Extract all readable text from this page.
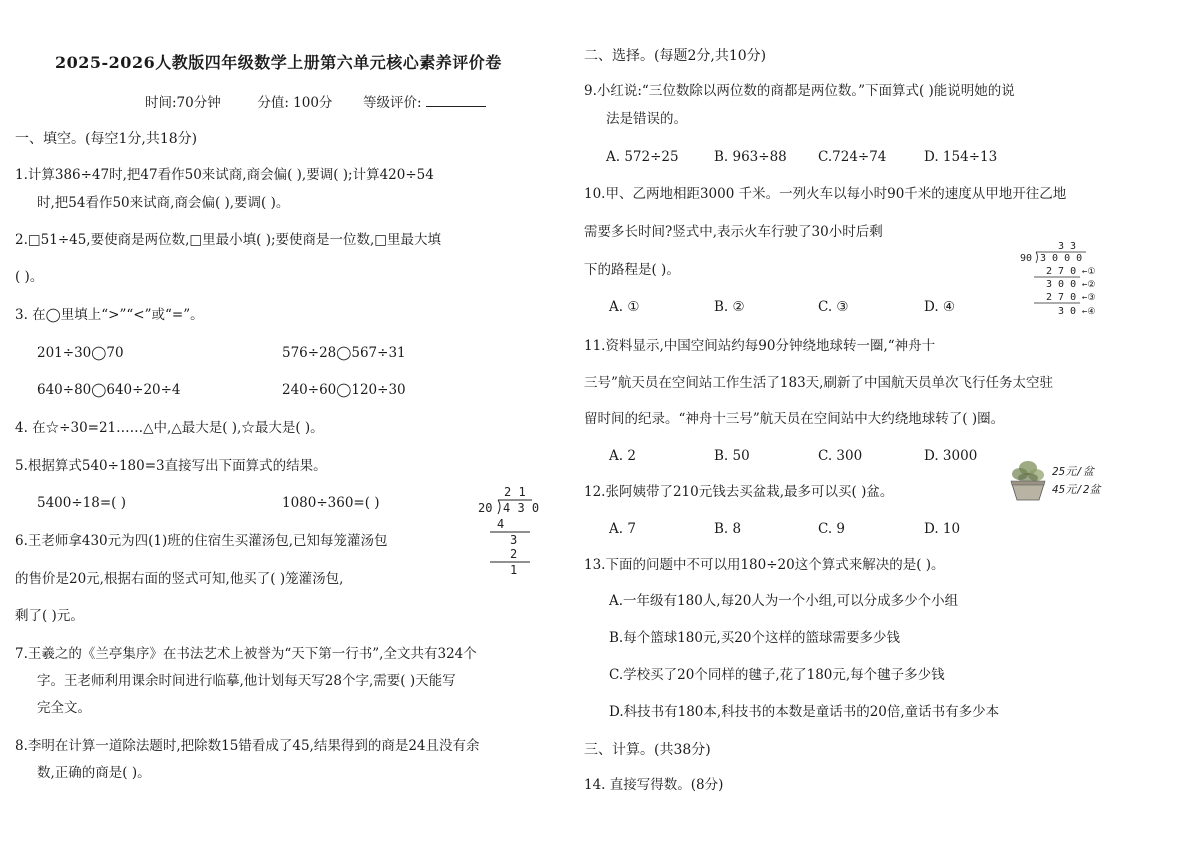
2025-2026人教版四年级数学上册第六单元核心素养评价卷
时间:70分钟	分值: 100分 等级评价:
一、填空。(每空1分,共18分)
1.计算386÷47时,把47看作50来试商,商会偏( ),要调( );计算420÷54
时,把54看作50来试商,商会偏( ),要调( )。
2.□51÷45,要使商是两位数,□里最小填( );要使商是一位数,□里最大填
( )。
3. 在◯里填上“>”“<”或“=”。
201÷30◯70	576÷28◯567÷31
640÷80◯640÷20÷4	240÷60◯120÷30
4. 在☆÷30=21……△中,△最大是( ),☆最大是( )。
5.根据算式540÷180=3直接写出下面算式的结果。
5400÷18=( )	1080÷360=( )
2 1
20 4 3 0
4
3
2
1
6.王老师拿430元为四(1)班的住宿生买灌汤包,已知每笼灌汤包
的售价是20元,根据右面的竖式可知,他买了( )笼灌汤包,
剩了( )元。
7.王羲之的《兰亭集序》在书法艺术上被誉为“天下第一行书”,全文共有324个
字。王老师利用课余时间进行临摹,他计划每天写28个字,需要( )天能写
完全文。
8.李明在计算一道除法题时,把除数15错看成了45,结果得到的商是24且没有余
数,正确的商是( )。
二、选择。(每题2分,共10分)
9.小红说:“三位数除以两位数的商都是两位数。”下面算式( )能说明她的说
法是错误的。
A. 572÷25	B. 963÷88 C.724÷74	D. 154÷13
10.甲、乙两地相距3000 千米。一列火车以每小时90千米的速度从甲地开往乙地
需要多长时间?竖式中,表示火车行驶了30小时后剩
下的路程是( )。
A. ①	B. ②	C. ③	D. ④
3 3
90 3 0 0 0
2 7 0 ←①
3 0 0 ←②
2 7 0 ←③
3 0 ←④
11.资料显示,中国空间站约每90分钟绕地球转一圈,“神舟十
三号”航天员在空间站工作生活了183天,刷新了中国航天员单次飞行任务太空驻
留时间的纪录。“神舟十三号”航天员在空间站中大约绕地球转了( )圈。
A. 2	B. 50	C. 300	D. 3000
25元/盆
45元/2盆
12.张阿姨带了210元钱去买盆栽,最多可以买( )盆。
A. 7	B. 8	C. 9	D. 10
13.下面的问题中不可以用180÷20这个算式来解决的是( )。
A.一年级有180人,每20人为一个小组,可以分成多少个小组
B.每个篮球180元,买20个这样的篮球需要多少钱
C.学校买了20个同样的毽子,花了180元,每个毽子多少钱
D.科技书有180本,科技书的本数是童话书的20倍,童话书有多少本
三、计算。(共38分)
14. 直接写得数。(8分)
